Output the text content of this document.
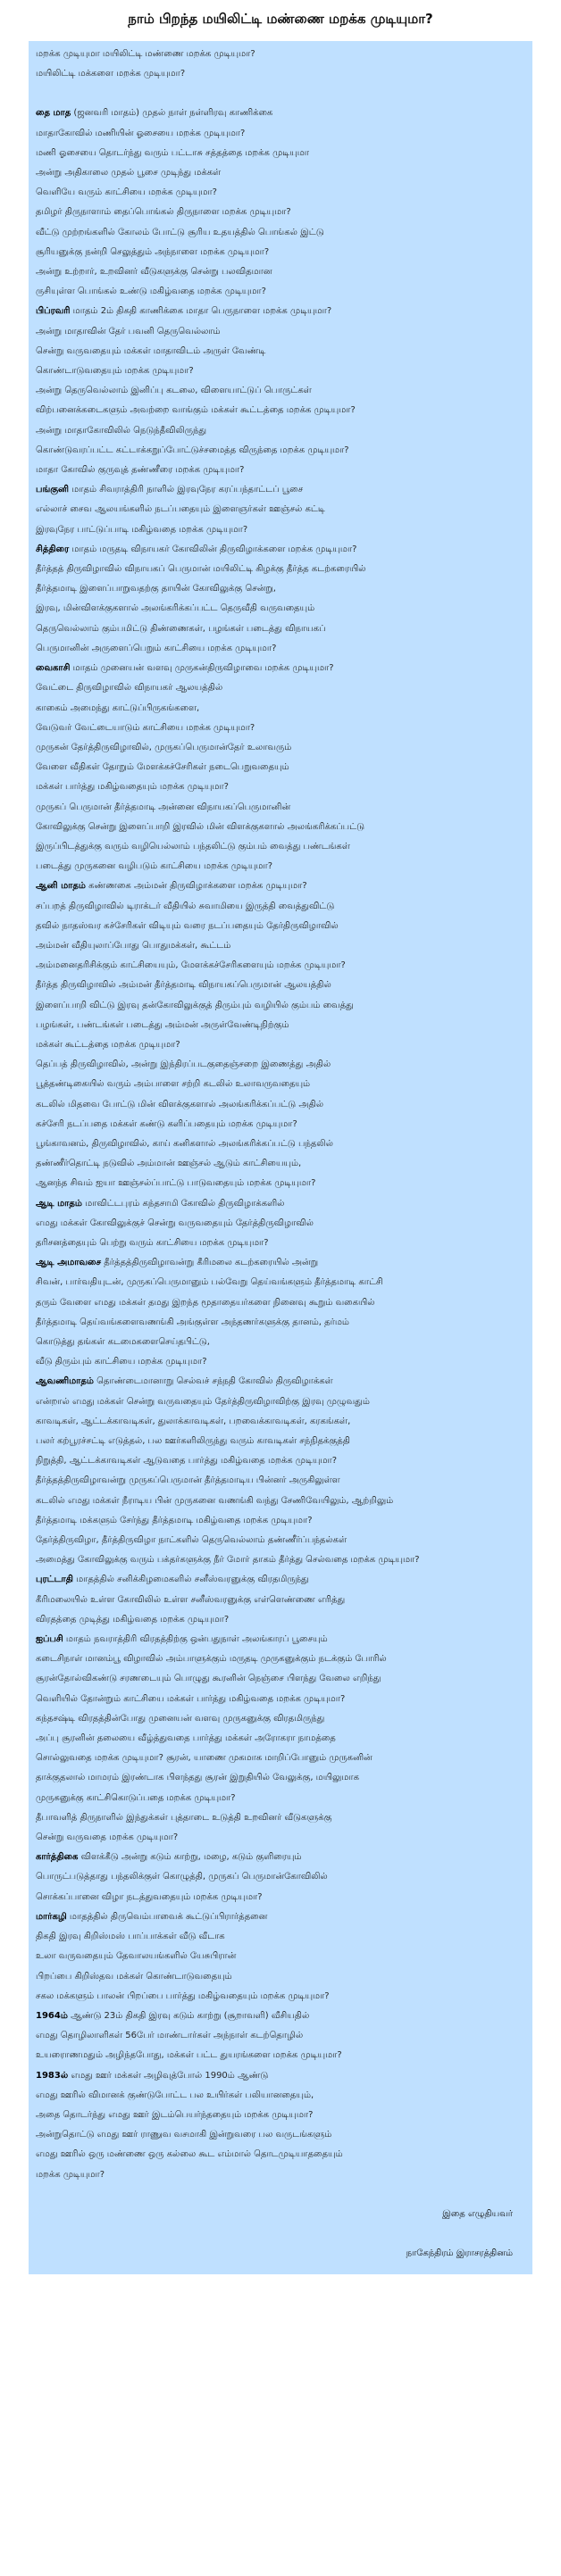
நாம் பிறந்த மயிலிட்டி மண்ணை மறக்க முடியுமா?
மறக்க முடியுமா மயிலிட்டி மண்ணை மறக்க முடியுமா?
மயிலிட்டி மக்களை மறக்க முடியுமா?
தை மாத (ஜனவரி மாதம்) முதல் நாள் நள்ளிரவு காணிக்கை
மாதாகோவில் மணியின் ஓசையை மறக்க முடியுமா?
மணி ஓசையை தொடர்ந்து வரும் பட்டாசு சத்தத்தை மறக்க முடியுமா
அன்று அதிகாலை முதல் பூசை முடிந்து மக்கள்
வெளியே வரும் காட்சியை மறக்க முடியுமா?
தமிழர் திருநாளாம் தைப்பொங்கல் திருநாளை மறக்க முடியுமா?
வீட்டு முற்றங்களில் கோலம் போட்டு சூரிய உதயத்தில் பொங்கல் இட்டு
சூரியனுக்கு நன்றி செலுத்தும் அந்நாளை மறக்க முடியுமா?
அன்று உற்றார், உறவினர் வீடுகளுக்கு சென்று பலவிதமான
ருசியுள்ள பொங்கல் உண்டு மகிழ்வதை மறக்க முடியுமா?
பிப்ரவரி மாதம் 2ம் திகதி காணிக்கை மாதா பெருநாளை மறக்க முடியுமா?
அன்று மாதாவின் தேர் பவனி தெருவெல்லாம்
சென்று வருவதையும் மக்கள் மாதாவிடம் அருள் வேண்டி
கொண்டாடுவதையும் மறக்க முடியுமா?
அன்று தெருவெல்லாம் இனிப்பு கடலை, விளையாட்டுப் பொருட்கள்
விற்பனைக்கடைகளும் அவற்றை வாங்கும் மக்கள் கூட்டத்தை மறக்க முடியுமா?
அன்று மாதாகோவிலில் நெடுந்தீவிலிருந்து
கொண்டுவரப்பட்ட கட்டாக்கறுப்போட்டுச்சமைத்த விருந்தை மறக்க முடியுமா?
மாதா கோவில் குருவுத் தண்ணீரை மறக்க முடியுமா?
பங்குனி மாதம் சிவராத்திரி நாளில் இரவுநேர கரப்பந்தாட்டப் பூசை
எல்லாச் சைவ ஆலயங்களில் நடப்பதையும் இளைஞர்கள் ஊஞ்சல் கட்டி
இரவுநேர பாட்டுப்பாடி மகிழ்வதை மறக்க முடியுமா?
சித்திரை மாதம் மருதடி விநாயகர் கோவிலின் திருவிழாக்களை மறக்க முடியுமா?
தீர்த்தத் திருவிழாவில் விநாயகப் பெருமான் மயிலிட்டி கிழக்கு தீர்த்த கடற்கரையில்
தீர்த்தமாடி இளைப்பாறுவதற்கு தாயின் கோவிலுக்கு சென்று,
இரவு, மின்விளக்குகளால் அலங்கரிக்கப்பட்ட தெருவீதி வருவதையும்
தெருவெல்லாம் கும்பமிட்டு திண்ணைகள், பழங்கள் படைத்து விநாயகப்
பெருமானின் அருளைப்பெறும் காட்சியை மறக்க முடியுமா?
வைகாசி மாதம் முனையன் வளவு முருகன்திருவிழாவை மறக்க முடியுமா?
வேட்டை திருவிழாவில் விநாயகர் ஆலயத்தில்
காகைம் அமைந்து காட்டுப்பிருகங்களை,
வேடுவர் வேட்டையாடும் காட்சியை மறக்க முடியுமா?
முருகன் தேர்த்திருவிழாவில், முருகப்பெருமான்தேர் உலாவரும்
வேளை வீதிகள் தோறும் மேளக்கச்சேரிகள் நடைபெறுவதையும்
மக்கள் பார்த்து மகிழ்வதையும் மறக்க முடியுமா?
முருகப் பெருமான் தீர்த்தமாடி அன்னை விநாயகப்பெருமானின்
கோவிலுக்கு சென்று இளைப்பாறி இரவில் மின் விளக்குகளால் அலங்கரிக்கப்பட்டு
இருப்பிடத்துக்கு வரும் வழியெல்லாம் பந்தலிட்டு கும்பம் வைத்து பண்டங்கள்
படைத்து முருகனை வழிபடும் காட்சியை மறக்க முடியுமா?
ஆனி மாதம் கண்ணகை அம்மன் திருவிழாக்களை மறக்க முடியுமா?
சப்பறத் திருவிழாவில் டிராக்டர் வீதியில் சுவாமியை இருத்தி வைத்துவிட்டு
தவில் நாதஸ்வர கச்சேரிகள் விடியும் வரை நடப்பதையும் தேர்திருவிழாவில்
அம்மன் வீதியுலாப்போது பொதுமக்கள், கூட்டம்
அம்மனைதரிசிக்கும் காட்சியையும், மேளக்கச்சேரிகளையும் மறக்க முடியுமா?
தீர்த்த திருவிழாவில் அம்மன் தீர்த்தமாடி விநாயகப்பெருமான் ஆலயத்தில்
இளைப்பாறி விட்டு இரவு தன்கோவிலுக்குத் திரும்பும் வழியில் கும்பம் வைத்து
பழங்கள், பண்டங்கள் படைத்து அம்மன் அருள்வேண்டிநிற்கும்
மக்கள் கூட்டத்தை மறக்க முடியுமா?
தெப்பத் திருவிழாவில், அன்று இந்திரப்படகுதைஞ்சறை இணைத்து அதில்
பூத்தண்டிகையில் வரும் அம்பாளை சற்றி கடலில் உலாவருவதையும்
கடலில் மிதவை போட்டு மின் விளக்குகளால் அலங்கரிக்கப்பட்டு அதில்
கச்சேரி நடப்பதை மக்கள் கண்டு களிப்பதையும் மறக்க முடியுமா?
பூங்காவனம், திருவிழாவில், காய் கனிகளால் அலங்கரிக்கப்பட்டு பந்தலில்
தண்ணீர்தொட்டி நடுவில் அம்மான் ஊஞ்சல் ஆடும் காட்சியையும்,
ஆனந்த சிவம் ஐயா ஊஞ்சல்ப்பாட்டு பாடுவதையும் மறக்க முடியுமா?
ஆடி மாதம் மாவிட்டபுரம் கந்தசாமி கோவில் திருவிழாக்களில்
எமது மக்கள் கோவிலுக்குச் சென்று வருவதையும் தேர்த்திருவிழாவில்
தரிசனத்தையும் பெற்று வரும் காட்சியை மறக்க முடியுமா?
ஆடி அமாவசை தீர்த்தத்திருவிழாவன்று கீரிமலை கடற்கரையில் அன்று
சிவன், பார்வதியுடன், முருகப்பெருமானும் பல்வேறு தெய்வங்களும் தீர்த்தமாடி காட்சி
தரும் வேளை எமது மக்கள் தமது இறந்த மூதாதையர்களை நினைவு கூறும் வகையில்
தீர்த்தமாடி தெய்வங்களைவணங்கி அங்குள்ள அந்தணர்களுக்கு தானம், தர்மம்
கொடுத்து தங்கள் கடமைகளைசெய்தபிட்டு,
வீடு திரும்பும் காட்சியை மறக்க முடியுமா?
ஆவணிமாதம் தொண்டைமானாறு செல்வச் சந்நதி கோவில் திருவிழாக்கள்
என்றால் எமது மக்கள் சென்று வருவதையும் தேர்த்திருவிழாவிற்கு இரவு முழுவதும்
காவடிகள், ஆட்டக்காவடிகள், துலாக்காவடிகள், பறவைக்காவடிகள், கரகங்கள்,
பலர் கற்பூரச்சட்டி எடுத்தல், பல ஊர்களிலிருந்து வரும் காவடிகள் சந்நிதக்குத்தி
நிறுத்தி, ஆட்டக்காவடிகள் ஆடுவதை பார்த்து மகிழ்வதை மறக்க முடியுமா?
தீர்த்தத்திருவிழாவன்று முருகப்பெருமான் தீர்த்தமாடிய பின்னர் அருகிலுள்ள
கடலில் எமது மக்கள் நீராடிய பின் முருகனை வணங்கி வந்து சேணிவேயிலும், ஆற்றிலும்
தீர்த்தமாடி மக்களும் சேர்ந்து தீர்த்தமாடி மகிழ்வதை மறக்க முடியுமா?
தேர்த்திருவிழா, தீர்த்திருவிழா நாட்களில் தெருவெல்லாம் தண்ணீர்ப்பந்தல்கள்
அமைத்து கோவிலுக்கு வரும் பக்தர்களுக்கு நீர் மோர் தாகம் தீர்த்து செல்வதை மறக்க முடியுமா?
புரட்டாதி மாதத்தில் சனிக்கிழமைகளில் சனீஸ்வரனுக்கு விரதமிருந்து
கீரிமலையில் உள்ள கோவிலில் உள்ள சனீஸ்வரனுக்கு எள்ளெண்ணை எரித்து
விரதத்தை முடித்து மகிழ்வதை மறக்க முடியுமா?
ஐப்பசி மாதம் நவராத்திரி விரதத்திற்கு ஒன்பதுநாள் அலங்காரப் பூசையும்
கடைசிநாள் மானம்பூ விழாவில் அம்பாளுக்கும் மருதடி முருகனுக்கும் நடக்கும் போரில்
சூரன்தோல்விகண்டு சரணடையும் பொழுது கூரனின் நெஞ்சை பிளந்து வேலை எறிந்து
வெளியில் தோன்றும் காட்சியை மக்கள் பார்த்து மகிழ்வதை மறக்க முடியுமா?
கந்தசஷ்டி விரதத்தின்போது முனையன் வளவு முருகனுக்கு விரதமிருந்து
அப்பு சூரனின் தலையை வீழ்த்துவதை பார்த்து மக்கள் அரோகரா நாமத்தை
சொல்லுவதை மறக்க முடியுமா? சூரன், யாணை முகமாக மாறிப்போனும் முருகனின்
தாக்குதலால் மாமரம் இரண்டாக பிளந்தது சூரன் இறுதியில் வேலுக்கு, மயிலுமாக
முருகனுக்கு காட்சிகொடுப்பதை மறக்க முடியுமா?
தீபாவளித் திருநாளில் இந்துக்கள் புத்தாடை உடுத்தி உறவினர் வீடுகளுக்கு
சென்று வருவதை மறக்க முடியுமா?
கார்த்திகை விளக்கீடு அன்று கடும் காற்று, மழை, கடும் குளிரையும்
பொருட்படுத்தாது பந்தலிக்குள் கொழுத்தி, முருகப் பெருமான்கோவிலில்
சொக்கப்பானை விழா நடத்துவதையும் மறக்க முடியுமா?
மார்கழி மாதத்தில் திருவெம்பாவைக் கூட்டுப்பிரார்த்தனை
திகதி இரவு கிறிஸ்மஸ் பாப்பாக்கள் வீடு வீடாக
உலா வருவதையும் தேவாலயங்களில் யேசுபிரான்
பிறப்பை கிறிஸ்தவ மக்கள் கொண்டாடுவதையும்
சகல மக்களும் பாலன் பிறப்பை பார்த்து மகிழ்வதையும் மறக்க முடியுமா?
1964ம் ஆண்டு 23ம் திகதி இரவு கடும் காற்று (சூறாவளி) வீசியதில்
எமது தொழிலாளிகள் 56பேர் மாண்டார்கள் அந்நாள் கடற்தொழில்
உயரைாணமதும் அழிந்தபோது, மக்கள் பட்ட துயரங்களை மறக்க முடியுமா?
1983ல் எமது ஊர் மக்கள் அழிவுத்போல் 1990ம் ஆண்டு
எமது ஊரில் விமானக் குண்டுபோட்ட பல உயிர்கள் பலியானதையும்,
அதை தொடர்ந்து எமது ஊர் இடம்பெயர்ந்ததையும் மறக்க முடியுமா?
அன்றுதொட்டு எமது ஊர் ராணுவ வசமாகி இன்றுவரை பல வருடங்களும்
எமது ஊரில் ஒரு மண்ணை ஒரு கல்லை கூட எம்மால் தொடமுடியாததையும்
மறக்க முடியுமா?
இதை எழுதியவர்
நாகேந்திரம் இராசரத்தினம்
